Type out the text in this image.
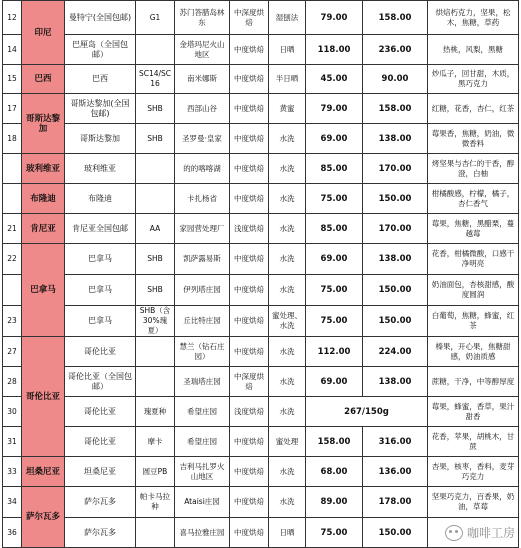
12	印尼	曼特宁(全国包邮)	G1	苏门答腊岛林东	中深度烘焙	湿刨法	79.00	158.00	烘焙朽克力，坚果，松木，焦糖，草药
14		巴厘岛（全国包邮）		金塔玛尼火山地区	中度烘焙	日晒	118.00	236.00	热桃，风梨，黑糖
15	巴西	巴西	SC14/SC16	南米娜斯	中度烘焙	半日晒	45.00	90.00	炒瓜子，回甘甜，木质，黑巧克力
17	哥斯达黎加	哥斯达黎加(全国包邮)	SHB	西部山谷	中度烘焙	黄蜜	79.00	158.00	红糖，花香，杏仁，红茶
18		哥斯达黎加	SHB	圣罗曼·皇家	中度烘焙	水洗	69.00	138.00	莓果香，焦糖，奶油，微微香料
	玻利维亚	玻利维亚		的的喀喀湖	中度烘焙	水洗	85.00	170.00	烤坚果与杏仁的干香，醇澄，白柚
	布隆迪	布隆迪		卡扎杨省	中度烘焙	水洗	75.00	150.00	柑橘酸感，柠檬，橘子，杏仁香气
21	肯尼亚	肯尼亚全国包邮	AA	家园营处理厂	浅度烘焙	水洗	85.00	170.00	莓果，焦糖，黑醋栗，蔓越莓
22	巴拿马	巴拿马	SHB	凯萨露易斯	中度烘焙	水洗	69.00	138.00	花香，柑橘微酸，口感干净明亮
		巴拿马	SHB	伊列塔庄园	中度烘焙	水洗	75.00	150.00	奶油面包，杏核甜感，酸度圆润
23		巴拿马	SHB（含30%瑰夏）	丘比特庄园	中度烘焙	蜜处理、水洗	75.00	150.00	白葡萄，焦糖，蜂蜜，红茶
27	哥伦比亚	哥伦比亚		慧兰（钻石庄园）	中度烘焙	水洗	112.00	224.00	榛果，开心果，焦糖甜感，奶油质感
28		哥伦比亚（全国包邮）		圣瑞塔庄园	中深度烘焙	水洗	69.00	138.00	蔗糖，干净，中等醇厚度
30		哥伦比亚	瑰夏种	希望庄园	浅度烘焙	水洗	267/150g		莓果，蜂蜜，香草，果汁甜香
31		哥伦比亚	摩卡	希望庄园	中度烘焙	蜜处理	158.00	316.00	花香，苹果，胡桃木，甘蔗
33	坦桑尼亚	坦桑尼亚	圆豆PB	吉利马扎罗火山地区	中度烘焙	水洗	68.00	136.00	杏果，核枣，香料，麦芽巧克力
34	萨尔瓦多	萨尔瓦多	帕卡马拉种	Ataisi庄园	中度烘焙	水洗	89.00	178.00	坚果巧克力，百香果，奶油，草莓
36		萨尔瓦多		喜马拉雅庄园	中度烘焙	日晒	75.00	150.00		咖啡工房
